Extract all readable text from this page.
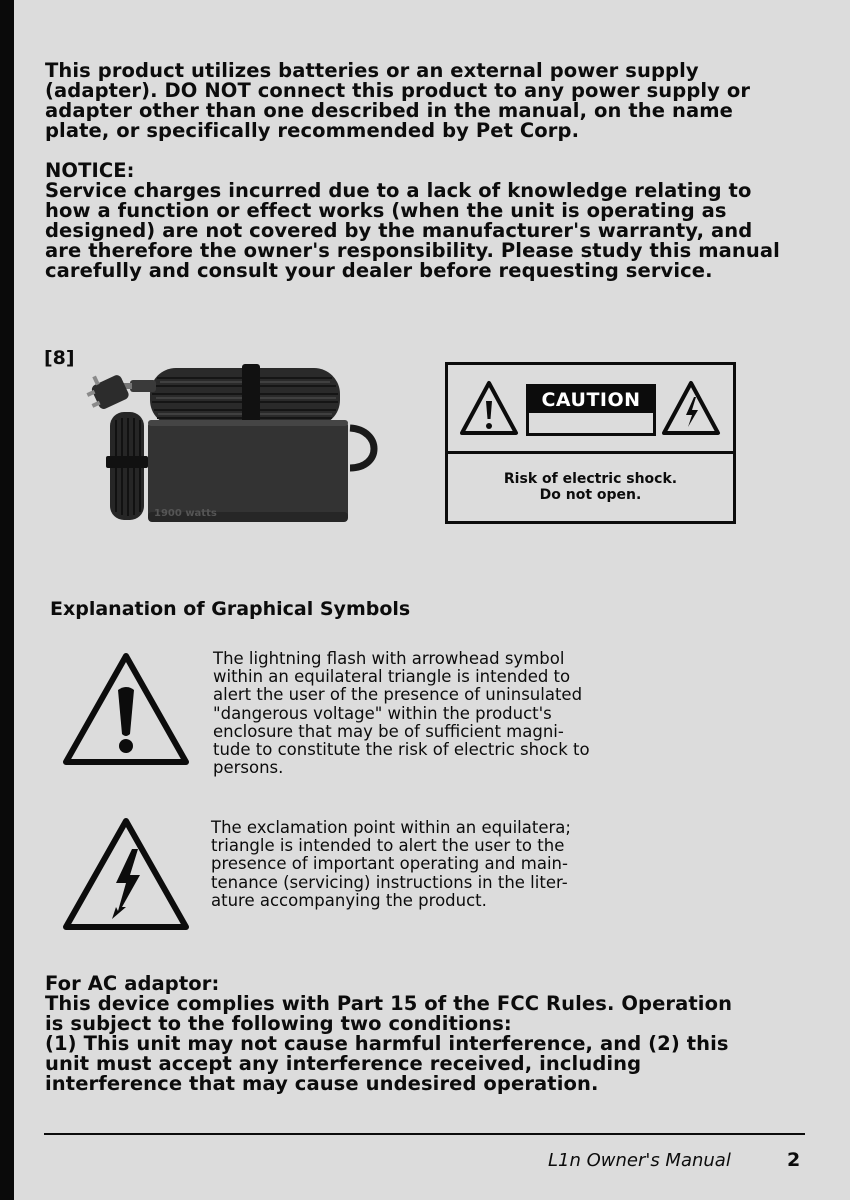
This product utilizes batteries or an external power supply
(adapter). DO NOT connect this product to any power supply or
adapter other than one described in the manual, on the name
plate, or specifically recommended by Pet Corp.

NOTICE:

Service charges incurred due to a lack of knowledge relating to
how a function or effect works (when the unit is operating as
designed) are not covered by the manufacturer's warranty, and
are therefore the owner's responsibility. Please study this manual
carefully and consult your dealer before requesting service.

[8]
1900 watts
CAUTION
Risk of electric shock.
Do not open.
Explanation of Graphical Symbols
The lightning flash with arrowhead symbol
within an equilateral triangle is intended to
alert the user of the presence of uninsulated
"dangerous voltage" within the product's
enclosure that may be of sufficient magni-
tude to constitute the risk of electric shock to
persons.
The exclamation point within an equilatera;
triangle is intended to alert the user to the
presence of important operating and main-
tenance (servicing) instructions in the liter-
ature accompanying the product.

For AC adaptor:

This device complies with Part 15 of the FCC Rules. Operation
is subject to the following two conditions:
(1) This unit may not cause harmful interference, and (2) this
unit must accept any interference received, including
interference that may cause undesired operation.

L1n Owner's Manual	2
